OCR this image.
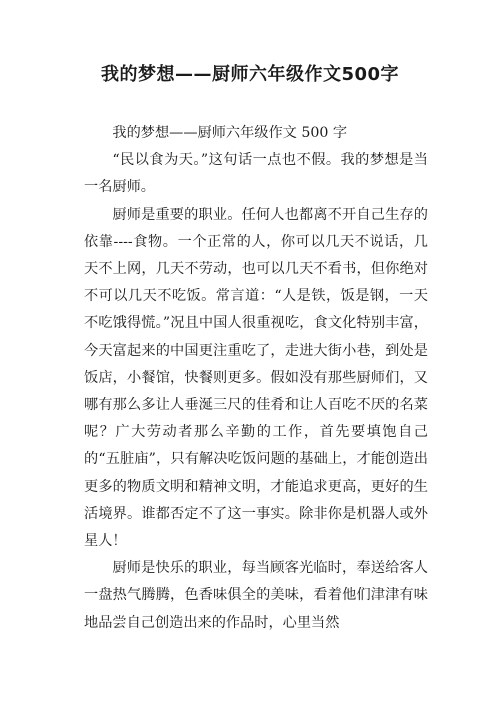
我的梦想——厨师六年级作文500字

我的梦想——厨师六年级作文 500 字

“民以食为天。”这句话一点也不假。我的梦想是当一名厨师。

厨师是重要的职业。任何人也都离不开自己生存的依靠----食物。一个正常的人，你可以几天不说话，几天不上网，几天不劳动，也可以几天不看书，但你绝对不可以几天不吃饭。常言道：“人是铁，饭是钢，一天不吃饿得慌。”况且中国人很重视吃，食文化特别丰富，今天富起来的中国更注重吃了，走进大街小巷，到处是饭店，小餐馆，快餐则更多。假如没有那些厨师们，又哪有那么多让人垂涎三尺的佳肴和让人百吃不厌的名菜呢？广大劳动者那么辛勤的工作，首先要填饱自己的“五脏庙”，只有解决吃饭问题的基础上，才能创造出更多的物质文明和精神文明，才能追求更高，更好的生活境界。谁都否定不了这一事实。除非你是机器人或外星人！

厨师是快乐的职业，每当顾客光临时，奉送给客人一盘热气腾腾，色香味俱全的美味，看着他们津津有味地品尝自己创造出来的作品时，心里当然
